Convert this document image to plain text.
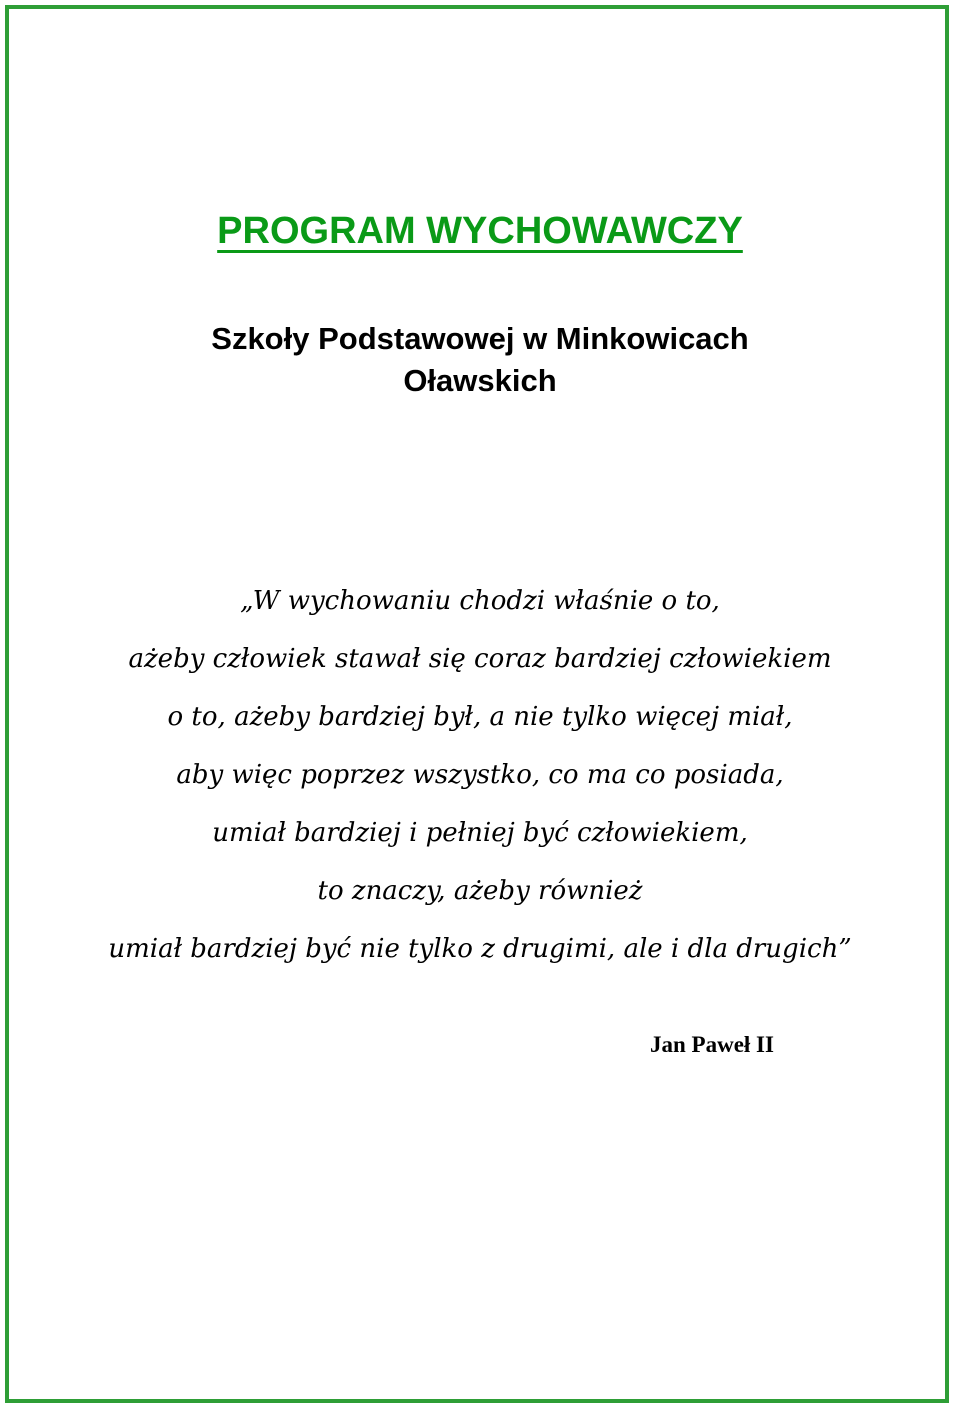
PROGRAM WYCHOWAWCZY
Szkoły Podstawowej w Minkowicach
Oławskich
„W wychowaniu chodzi właśnie o to,
ażeby człowiek stawał się coraz bardziej człowiekiem
o to, ażeby bardziej był, a nie tylko więcej miał,
aby więc poprzez wszystko, co ma co posiada,
umiał bardziej i pełniej być człowiekiem,
to znaczy, ażeby również
umiał bardziej być nie tylko z drugimi, ale i dla drugich”
Jan Paweł II
